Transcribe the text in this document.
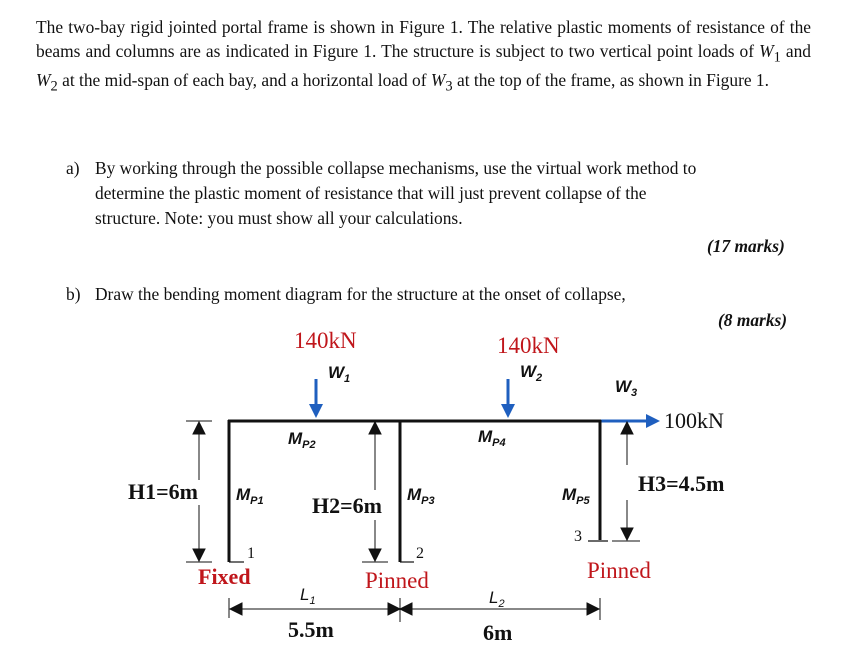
The two-bay rigid jointed portal frame is shown in Figure 1. The relative plastic moments of resistance of the beams and columns are as indicated in Figure 1. The structure is subject to two vertical point loads of $W_1$ and $W_2$ at the mid-span of each bay, and a horizontal load of $W_3$ at the top of the frame, as shown in Figure 1.
a) By working through the possible collapse mechanisms, use the virtual work method to
determine the plastic moment of resistance that will just prevent collapse of the
structure. Note: you must show all your calculations.
(17 marks)
b) Draw the bending moment diagram for the structure at the onset of collapse,
(8 marks)
140kN
$W_1$
140kN
$W_2$	$W_3$
100kN
$M_{P2}$	$M_{P4}$
$M_{P1}$	$M_{P3}$	$M_{P5}$
H1=6m
H2=6m
H3=4.5m
1	2
3
Fixed	Pinned	Pinned
$L_1$	$L_2$
5.5m	6m
